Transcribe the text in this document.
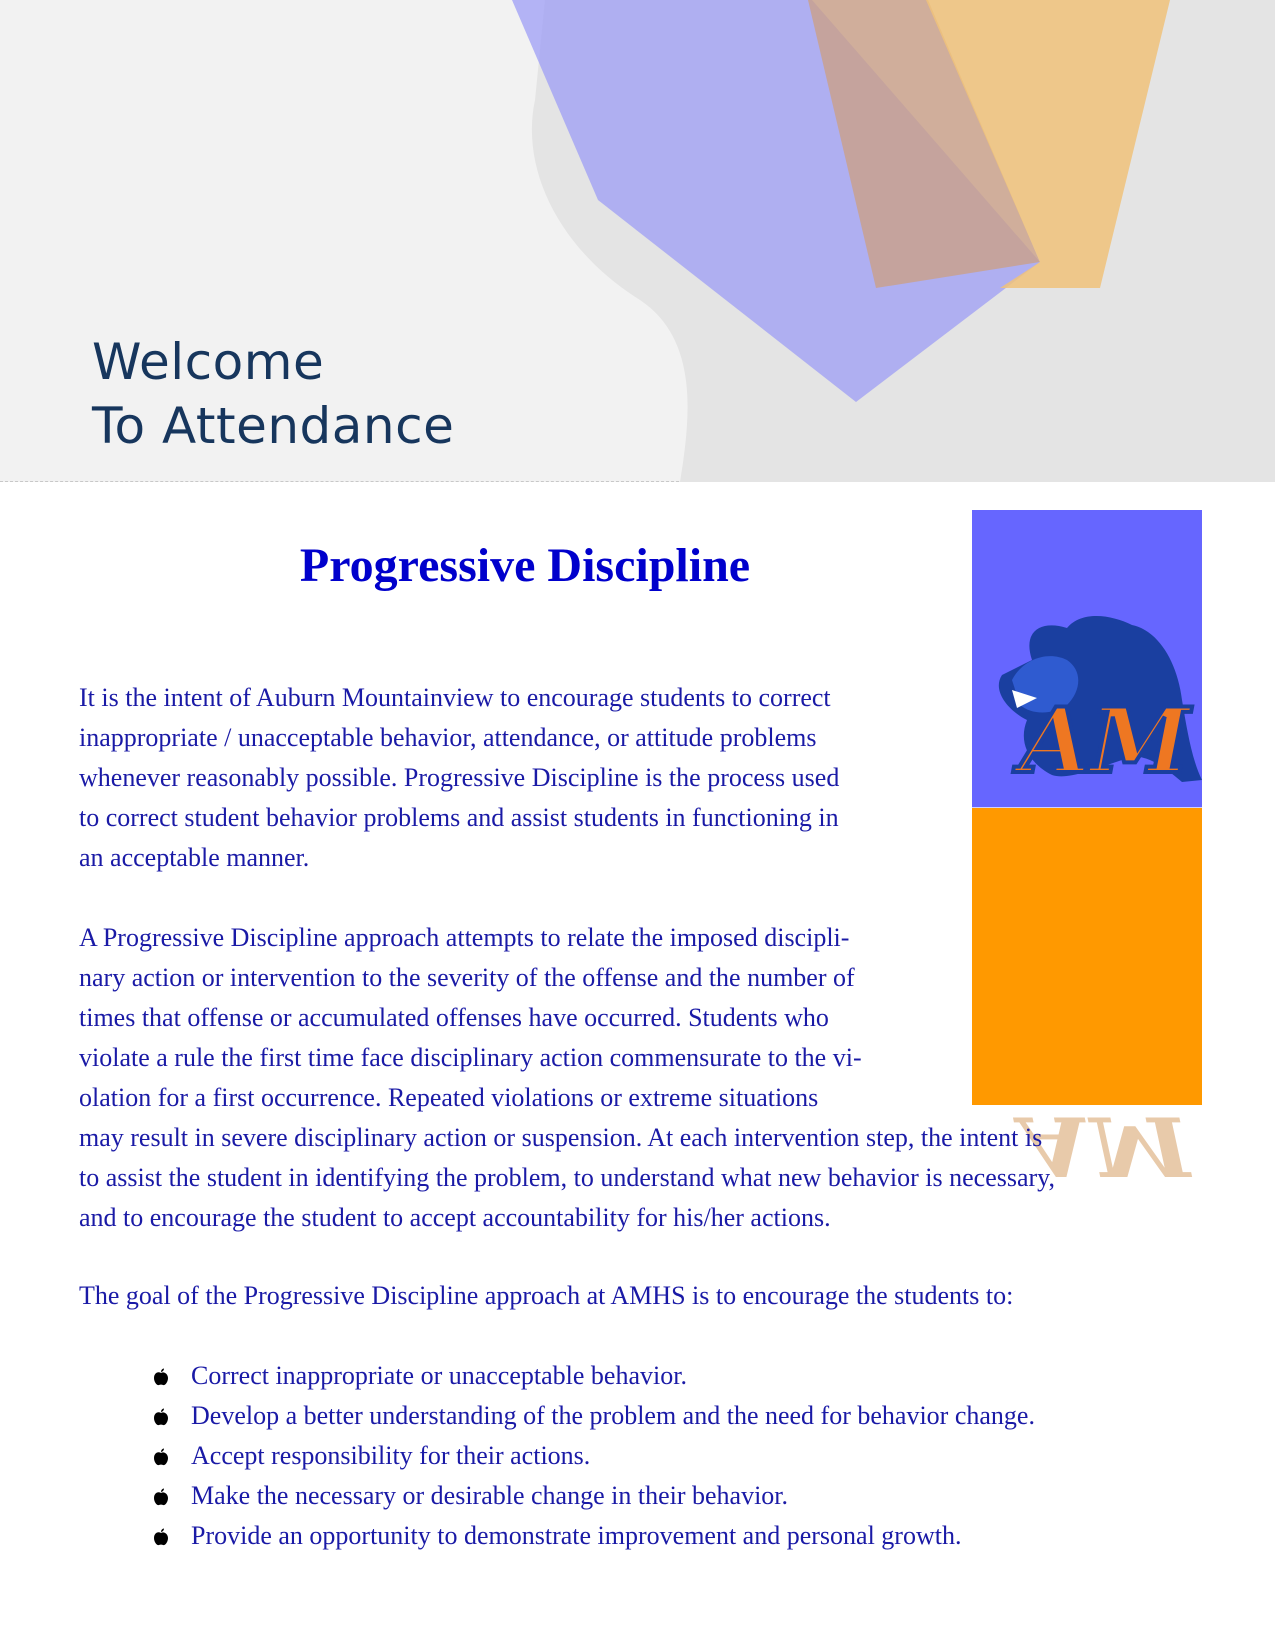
Welcome
To Attendance
AM
AM
Progressive Discipline
It is the intent of Auburn Mountainview to encourage students to correct
inappropriate / unacceptable behavior, attendance, or attitude problems
whenever reasonably possible. Progressive Discipline is the process used
to correct student behavior problems and assist students in functioning in
an acceptable manner.
A Progressive Discipline approach attempts to relate the imposed discipli-
nary action or intervention to the severity of the offense and the number of
times that offense or accumulated offenses have occurred. Students who
violate a rule the first time face disciplinary action commensurate to the vi-
olation for a first occurrence. Repeated violations or extreme situations
may result in severe disciplinary action or suspension. At each intervention step, the intent is
to assist the student in identifying the problem, to understand what new behavior is necessary,
and to encourage the student to accept accountability for his/her actions.
The goal of the Progressive Discipline approach at AMHS is to encourage the students to:
Correct inappropriate or unacceptable behavior.
Develop a better understanding of the problem and the need for behavior change.
Accept responsibility for their actions.
Make the necessary or desirable change in their behavior.
Provide an opportunity to demonstrate improvement and personal growth.
